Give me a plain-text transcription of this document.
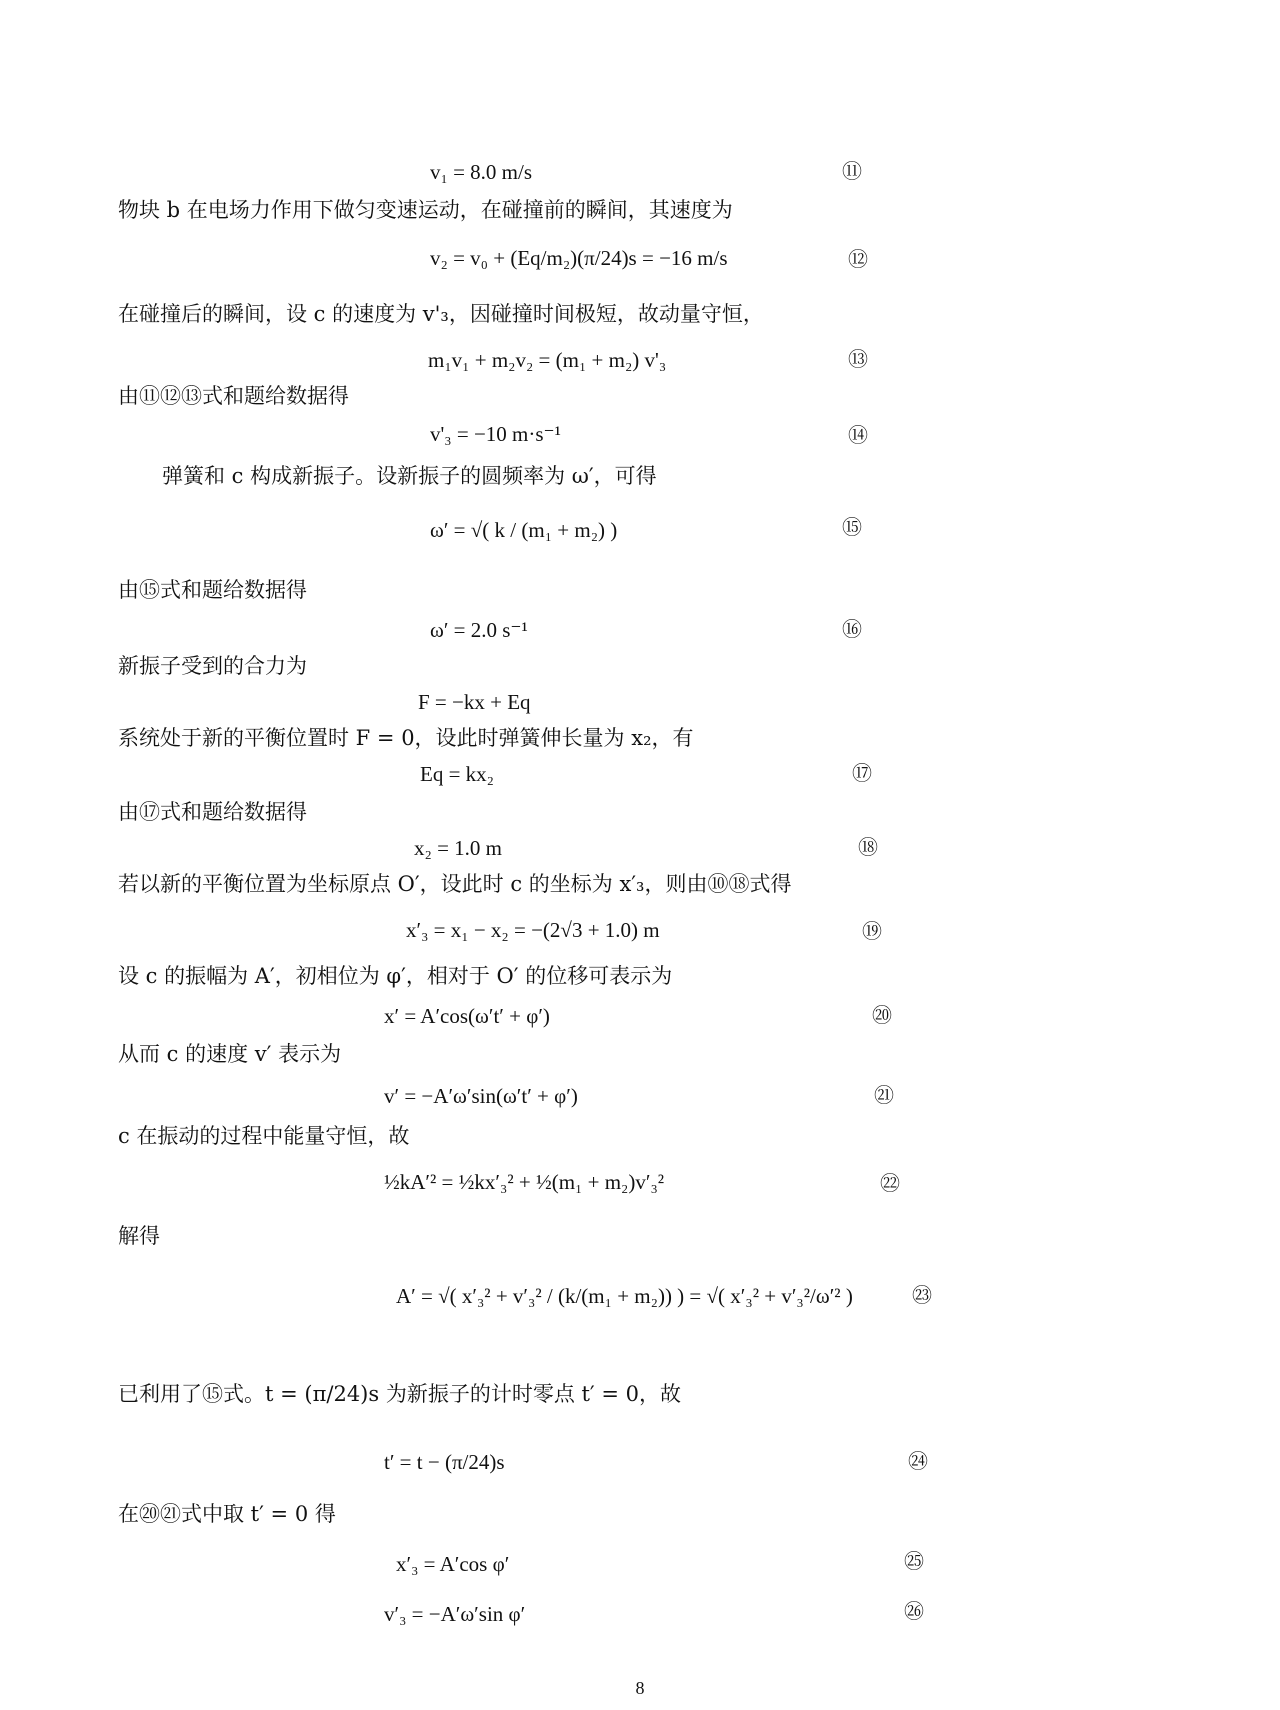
v₁ = 8.0 m/s	⑪
物块 b 在电场力作用下做匀变速运动，在碰撞前的瞬间，其速度为
v₂ = v₀ + (Eq/m₂)(π/24)s = −16 m/s	⑫
在碰撞后的瞬间，设 c 的速度为 v'₃，因碰撞时间极短，故动量守恒，
m₁v₁ + m₂v₂ = (m₁ + m₂) v'₃	⑬
由⑪⑫⑬式和题给数据得
v'₃ = −10 m·s⁻¹	⑭
弹簧和 c 构成新振子。设新振子的圆频率为 ω′，可得
ω′ = √( k / (m₁ + m₂) )	⑮
由⑮式和题给数据得
ω′ = 2.0 s⁻¹	⑯
新振子受到的合力为
F = −kx + Eq
系统处于新的平衡位置时 F = 0，设此时弹簧伸长量为 x₂，有
Eq = kx₂	⑰
由⑰式和题给数据得
x₂ = 1.0 m	⑱
若以新的平衡位置为坐标原点 O′，设此时 c 的坐标为 x′₃，则由⑩⑱式得
x′₃ = x₁ − x₂ = −(2√3 + 1.0) m	⑲
设 c 的振幅为 A′，初相位为 φ′，相对于 O′ 的位移可表示为
x′ = A′cos(ω′t′ + φ′)	⑳
从而 c 的速度 v′ 表示为
v′ = −A′ω′sin(ω′t′ + φ′)	㉑
c 在振动的过程中能量守恒，故
½kA′² = ½kx′₃² + ½(m₁ + m₂)v′₃²	㉒
解得
A′ = √( x′₃² + v′₃² / (k/(m₁ + m₂)) ) = √( x′₃² + v′₃²/ω′² )	㉓
已利用了⑮式。t = (π/24)s 为新振子的计时零点 t′ = 0，故
t′ = t − (π/24)s	㉔
在⑳㉑式中取 t′ = 0 得
x′₃ = A′cos φ′	㉕
v′₃ = −A′ω′sin φ′	㉖
8
